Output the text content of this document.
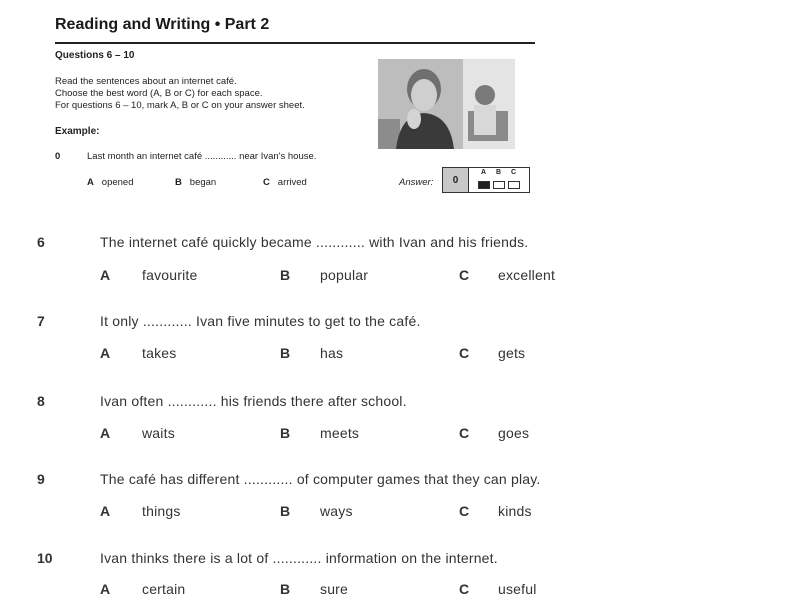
Reading and Writing • Part 2
Questions 6 – 10
Read the sentences about an internet café.
Choose the best word (A, B or C) for each space.
For questions 6 – 10, mark A, B or C on your answer sheet.
Example:
0	Last month an internet café ............ near Ivan's house.
A opened	B began	C arrived	Answer:	0
A B C
6	The internet café quickly became ............ with Ivan and his friends.
A favourite	B popular	C excellent
7	It only ............ Ivan five minutes to get to the café.
A takes	B has	C gets
8	Ivan often ............ his friends there after school.
A waits	B meets	C goes
9	The café has different ............ of computer games that they can play.
A things	B ways	C kinds
10	Ivan thinks there is a lot of ............ information on the internet.
A certain	B sure	C useful
